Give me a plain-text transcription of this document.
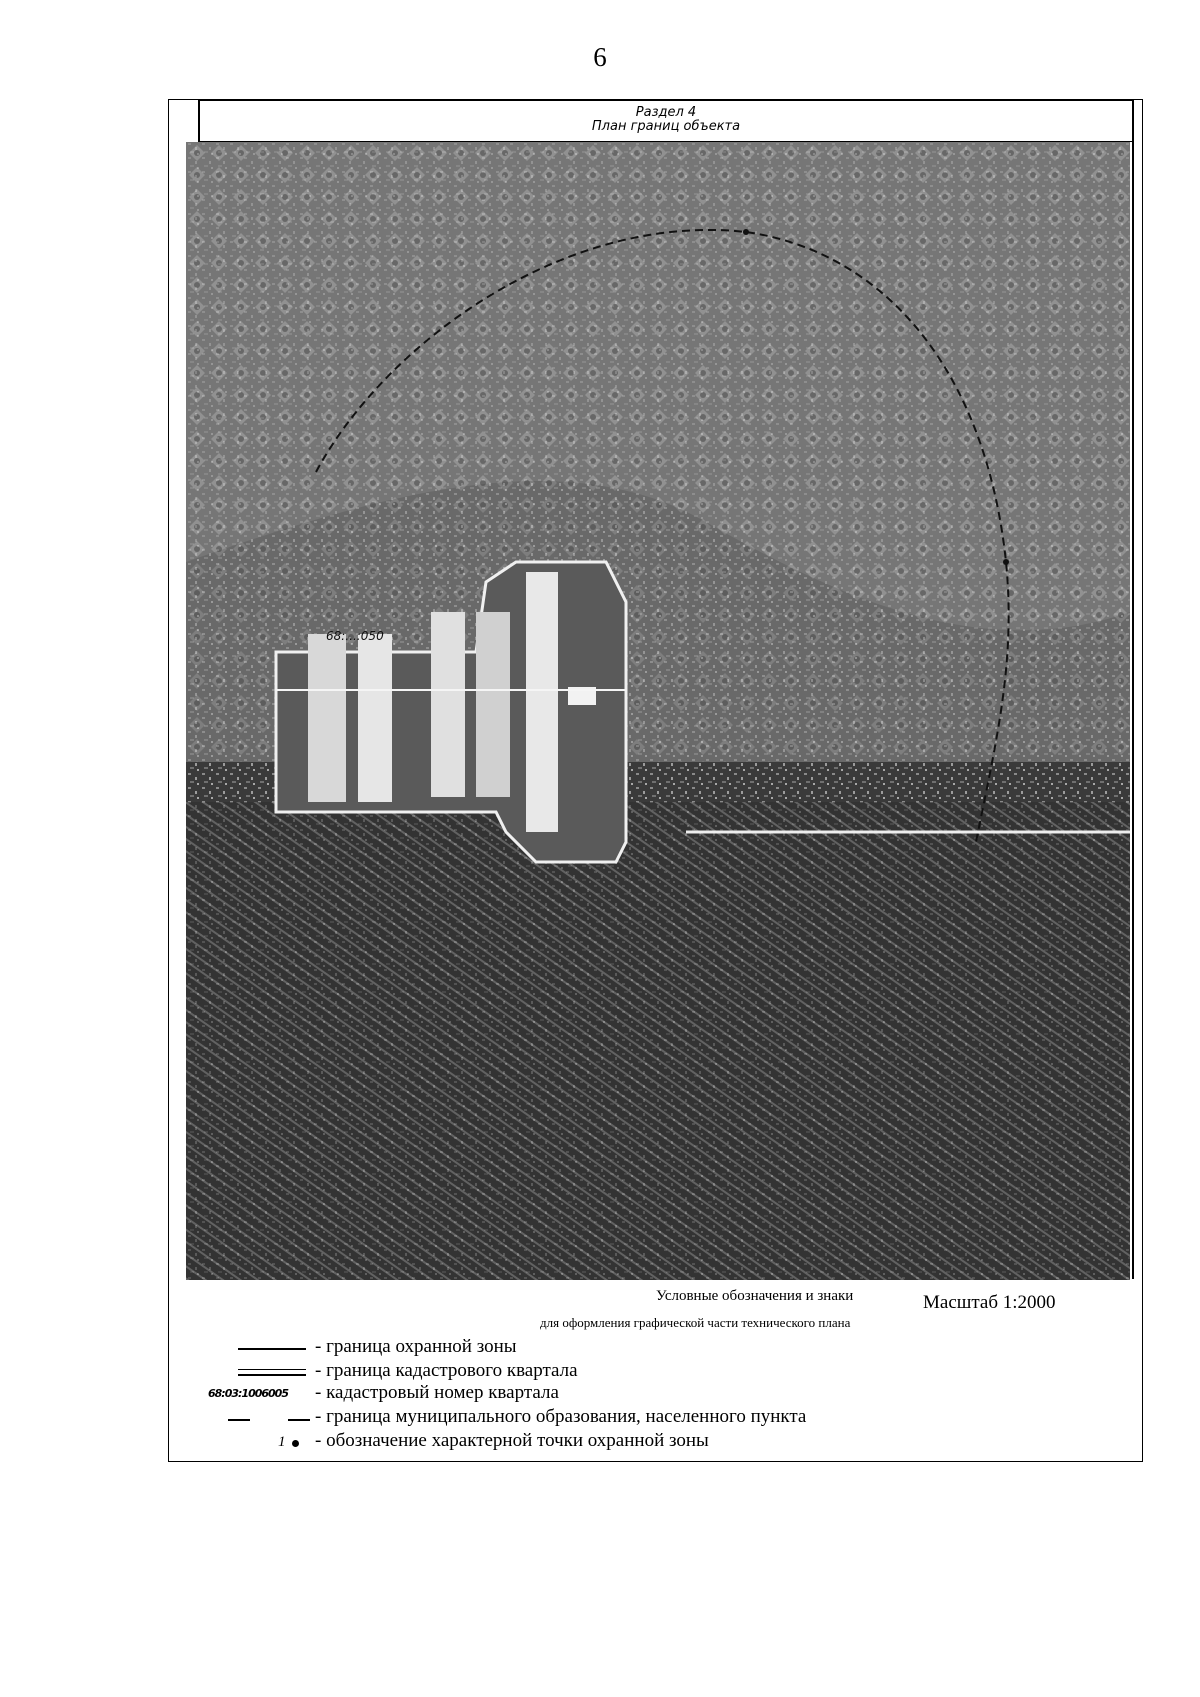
6
Раздел 4
План границ объекта
68:...:050
Условные обозначения и знаки	Масштаб 1:2000
для оформления графической части технического плана
- граница охранной зоны
- граница кадастрового квартала
68:03:1006005 - кадастровый номер квартала
- граница муниципального образования, населенного пункта
1 - обозначение характерной точки охранной зоны
